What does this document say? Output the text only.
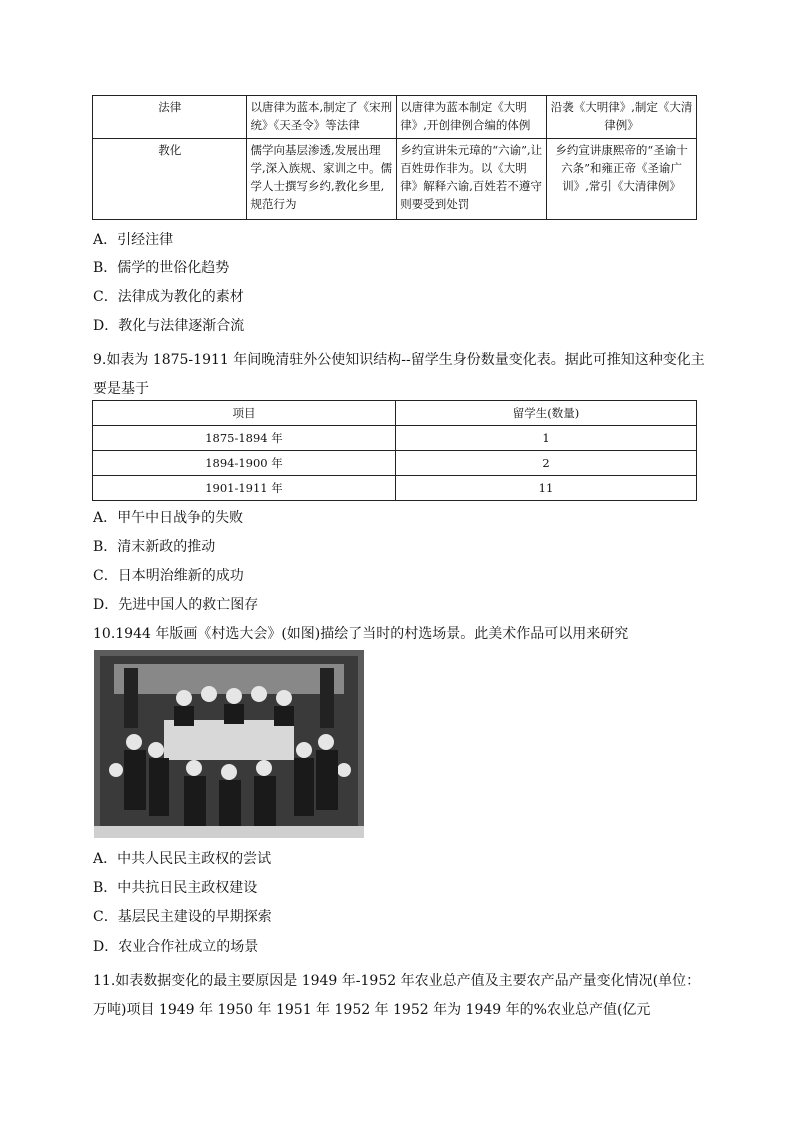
法律	以唐律为蓝本,制定了《宋刑统》《天圣令》等法律	以唐律为蓝本制定《大明律》,开创律例合编的体例	沿袭《大明律》,制定《大清律例》
教化	儒学向基层渗透,发展出理学,深入族规、家训之中。儒学人士撰写乡约,教化乡里,规范行为	乡约宣讲朱元璋的“六谕”,让百姓毋作非为。以《大明律》解释六谕,百姓若不遵守则要受到处罚	乡约宣讲康熙帝的“圣谕十六条”和雍正帝《圣谕广训》,常引《大清律例》
A．引经注律
B．儒学的世俗化趋势
C．法律成为教化的素材
D．教化与法律逐渐合流
9.如表为 1875-1911 年间晚清驻外公使知识结构--留学生身份数量变化表。据此可推知这种变化主要是基于
项目	留学生(数量)
1875-1894 年	1
1894-1900 年	2
1901-1911 年	11
A．甲午中日战争的失败
B．清末新政的推动
C．日本明治维新的成功
D．先进中国人的救亡图存
10.1944 年版画《村选大会》(如图)描绘了当时的村选场景。此美术作品可以用来研究
A．中共人民民主政权的尝试
B．中共抗日民主政权建设
C．基层民主建设的早期探索
D．农业合作社成立的场景
11.如表数据变化的最主要原因是 1949 年-1952 年农业总产值及主要农产品产量变化情况(单位：万吨)项目 1949 年 1950 年 1951 年 1952 年 1952 年为 1949 年的%农业总产值(亿元
